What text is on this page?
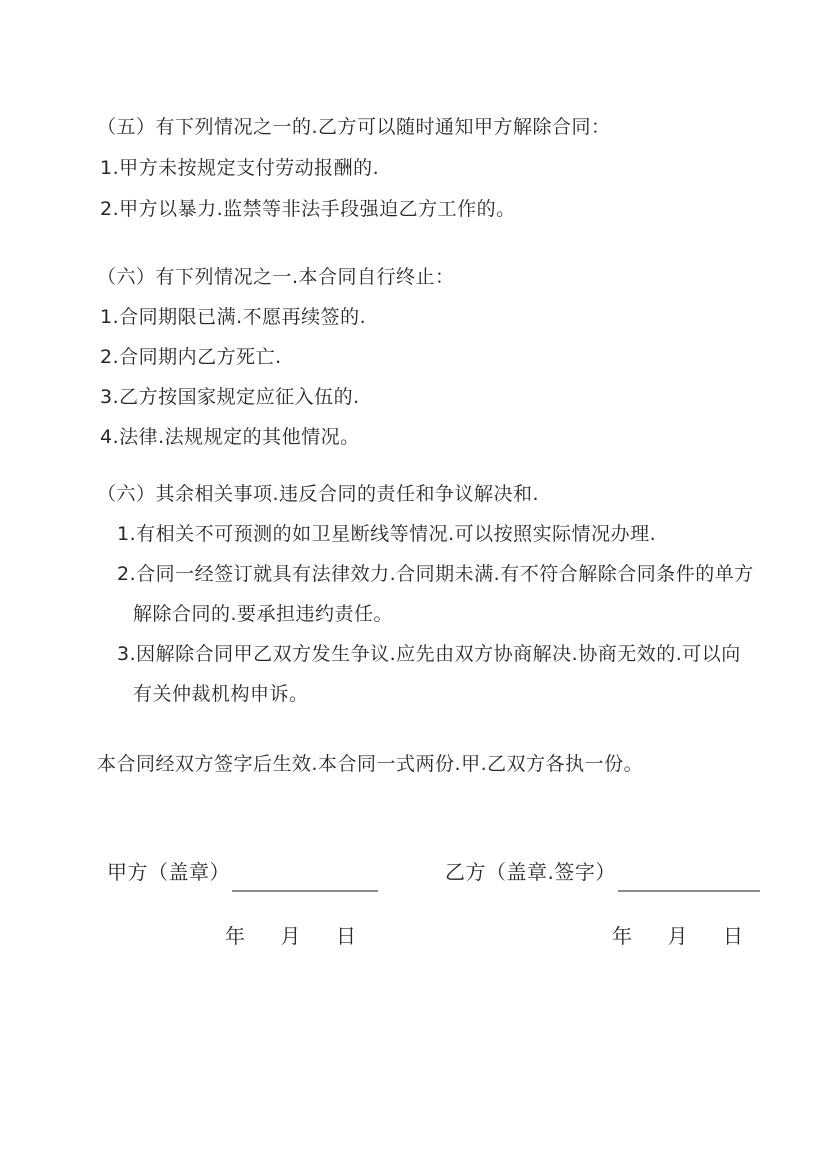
（五）有下列情况之一的.乙方可以随时通知甲方解除合同：
1.甲方未按规定支付劳动报酬的.
2.甲方以暴力.监禁等非法手段强迫乙方工作的。
（六）有下列情况之一.本合同自行终止：
1.合同期限已满.不愿再续签的.
2.合同期内乙方死亡.
3.乙方按国家规定应征入伍的.
4.法律.法规规定的其他情况。
（六）其余相关事项.违反合同的责任和争议解决和.
1.有相关不可预测的如卫星断线等情况.可以按照实际情况办理.
2.合同一经签订就具有法律效力.合同期未满.有不符合解除合同条件的单方
解除合同的.要承担违约责任。
3.因解除合同甲乙双方发生争议.应先由双方协商解决.协商无效的.可以向
有关仲裁机构申诉。
本合同经双方签字后生效.本合同一式两份.甲.乙双方各执一份。
甲方（盖章）	乙方（盖章.签字）
年 月 日	年 月 日
